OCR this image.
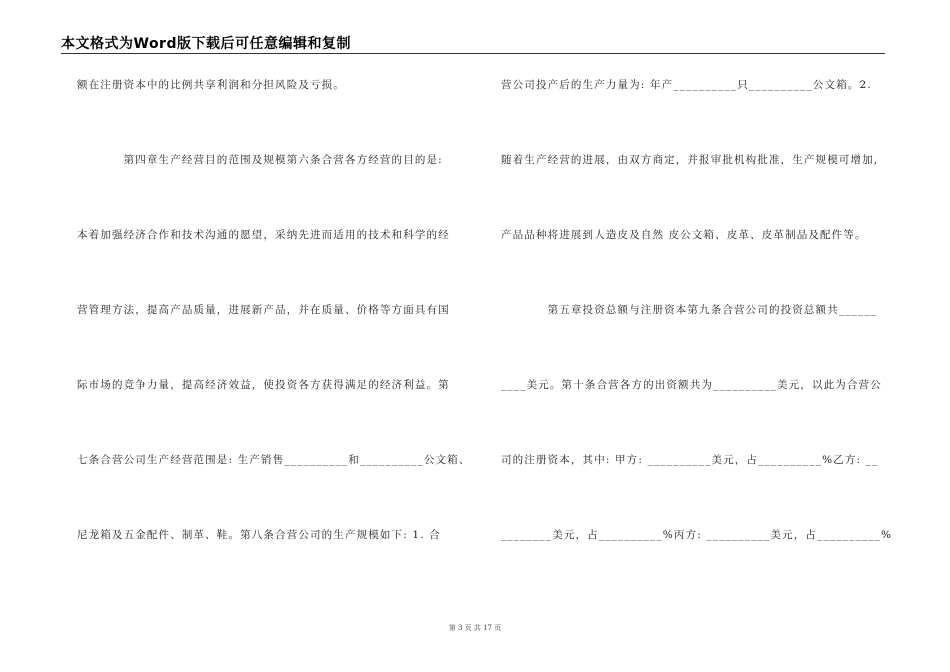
本文格式为Word版下载后可任意编辑和复制
额在注册资本中的比例共享利润和分担风险及亏损。
　　　　第四章生产经营目的范围及规模第六条合营各方经营的目的是:
本着加强经济合作和技术沟通的愿望，采纳先进而适用的技术和科学的经
营管理方法，提高产品质量，进展新产品，并在质量、价格等方面具有国
际市场的竞争力量，提高经济效益，使投资各方获得满足的经济利益。第
七条合营公司生产经营范围是: 生产销售__________和__________公文箱、
尼龙箱及五金配件、制革、鞋。第八条合营公司的生产规模如下: 1. 合
营公司投产后的生产力量为: 年产__________只__________公文箱。2.
随着生产经营的进展，由双方商定，并报审批机构批准，生产规模可增加,
产品品种将进展到人造皮及自然 皮公文箱、皮革、皮革制品及配件等。
　　　　第五章投资总额与注册资本第九条合营公司的投资总额共______
____美元。第十条合营各方的出资额共为__________美元，以此为合营公
司的注册资本，其中: 甲方: __________美元，占__________%乙方: __
________美元，占__________%丙方: __________美元，占__________%
第 3 页 共 17 页
